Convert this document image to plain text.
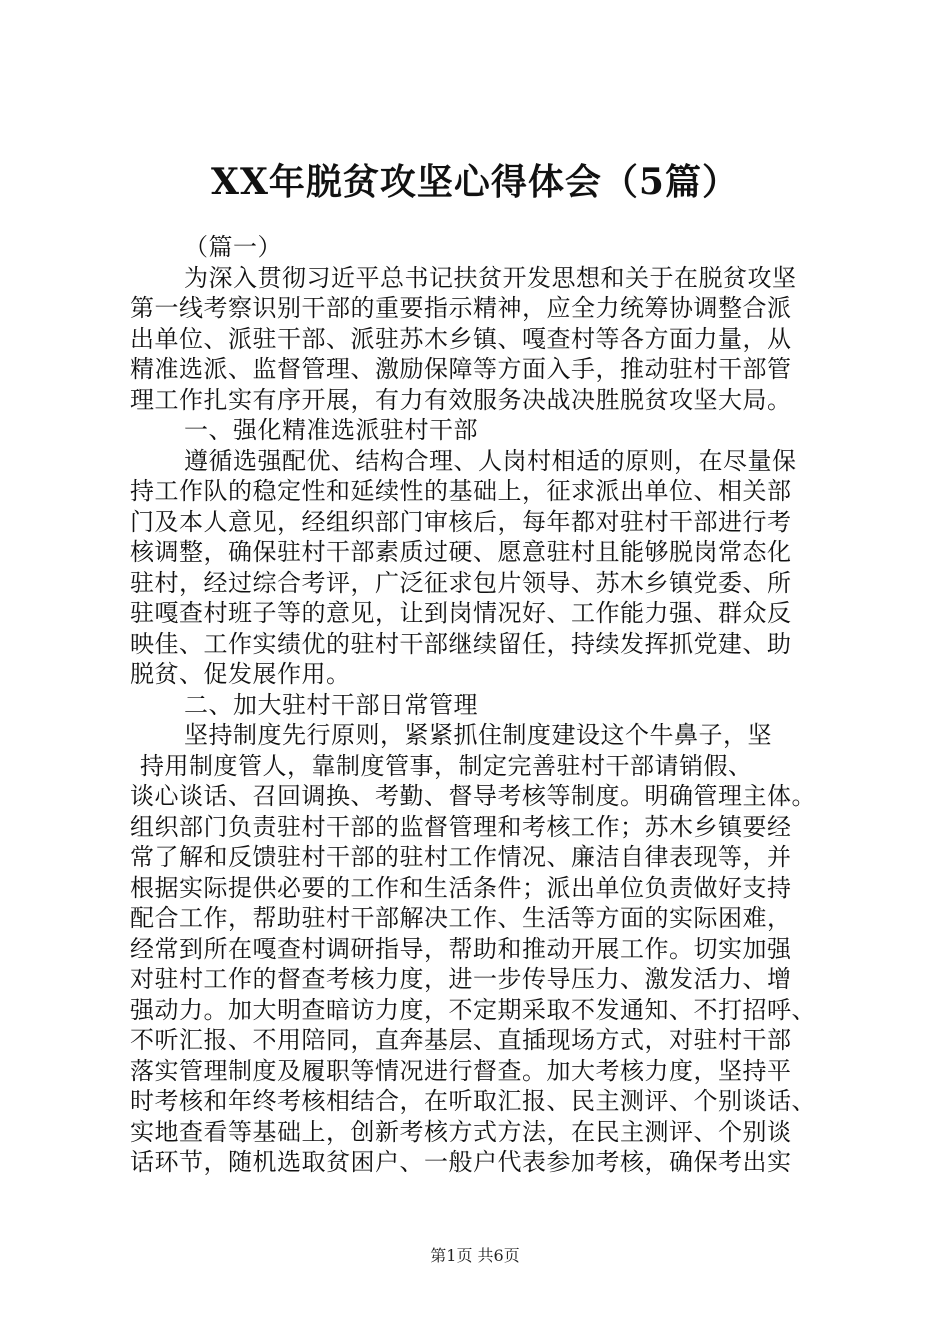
XX年脱贫攻坚心得体会（5篇）
（篇一）
为深入贯彻习近平总书记扶贫开发思想和关于在脱贫攻坚
第一线考察识别干部的重要指示精神，应全力统筹协调整合派
出单位、派驻干部、派驻苏木乡镇、嘎查村等各方面力量，从
精准选派、监督管理、激励保障等方面入手，推动驻村干部管
理工作扎实有序开展，有力有效服务决战决胜脱贫攻坚大局。
一、强化精准选派驻村干部
遵循选强配优、结构合理、人岗村相适的原则，在尽量保
持工作队的稳定性和延续性的基础上，征求派出单位、相关部
门及本人意见，经组织部门审核后，每年都对驻村干部进行考
核调整，确保驻村干部素质过硬、愿意驻村且能够脱岗常态化
驻村，经过综合考评，广泛征求包片领导、苏木乡镇党委、所
驻嘎查村班子等的意见，让到岗情况好、工作能力强、群众反
映佳、工作实绩优的驻村干部继续留任，持续发挥抓党建、助
脱贫、促发展作用。
二、加大驻村干部日常管理
坚持制度先行原则，紧紧抓住制度建设这个牛鼻子，坚
持用制度管人，靠制度管事，制定完善驻村干部请销假、
谈心谈话、召回调换、考勤、督导考核等制度。明确管理主体。
组织部门负责驻村干部的监督管理和考核工作；苏木乡镇要经
常了解和反馈驻村干部的驻村工作情况、廉洁自律表现等，并
根据实际提供必要的工作和生活条件；派出单位负责做好支持
配合工作，帮助驻村干部解决工作、生活等方面的实际困难，
经常到所在嘎查村调研指导，帮助和推动开展工作。切实加强
对驻村工作的督查考核力度，进一步传导压力、激发活力、增
强动力。加大明查暗访力度，不定期采取不发通知、不打招呼、
不听汇报、不用陪同，直奔基层、直插现场方式，对驻村干部
落实管理制度及履职等情况进行督查。加大考核力度，坚持平
时考核和年终考核相结合，在听取汇报、民主测评、个别谈话、
实地查看等基础上，创新考核方式方法，在民主测评、个别谈
话环节，随机选取贫困户、一般户代表参加考核，确保考出实
第1页 共6页
